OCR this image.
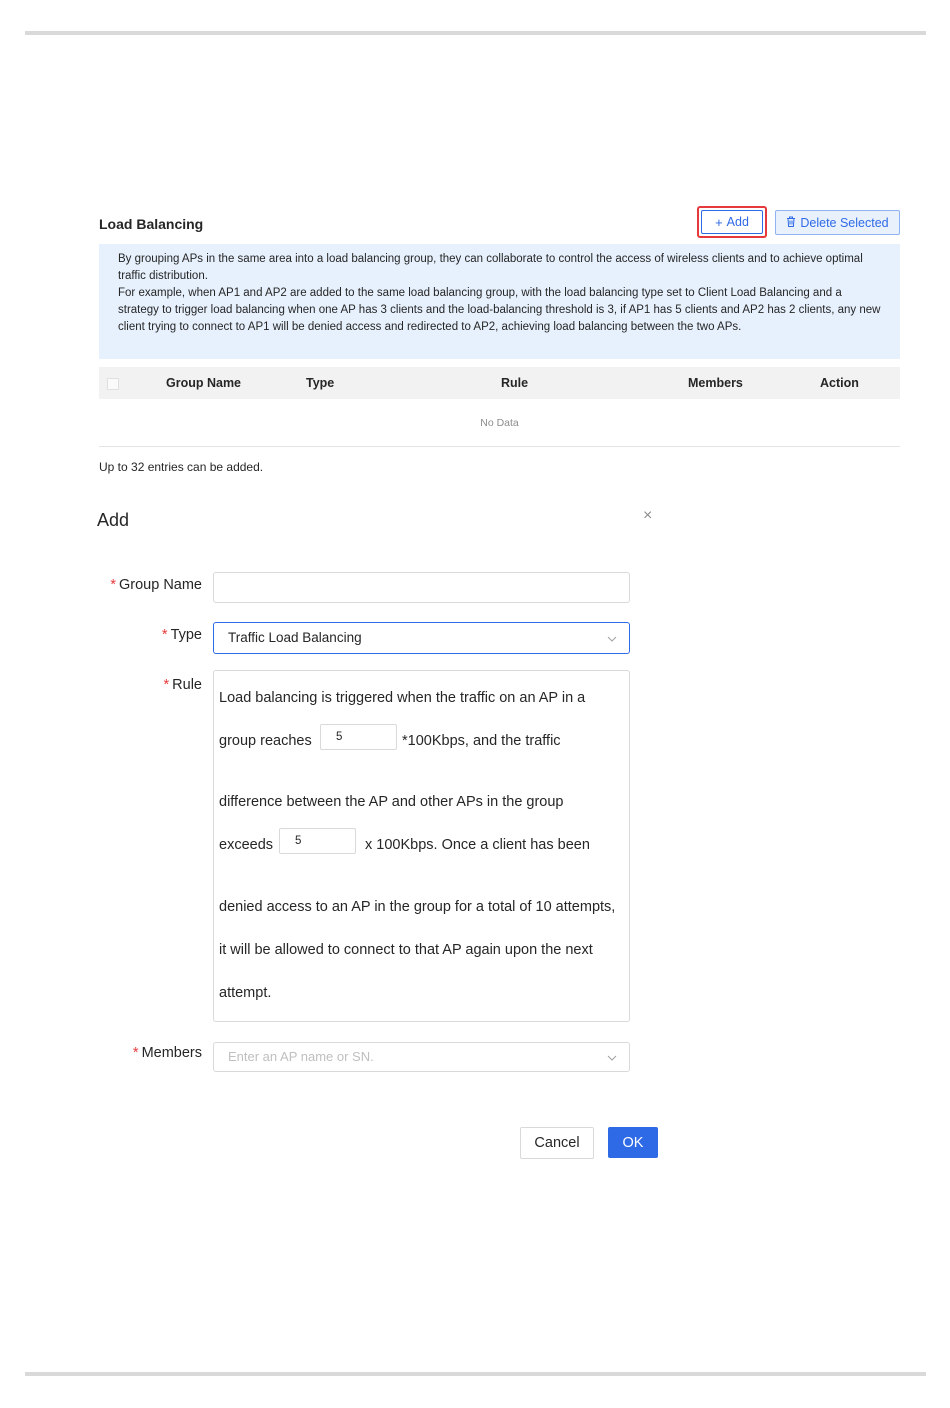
Load Balancing	+ Add	Delete Selected

By grouping APs in the same area into a load balancing group, they can collaborate to control the access of wireless clients and to achieve optimal traffic distribution.

For example, when AP1 and AP2 are added to the same load balancing group, with the load balancing type set to Client Load Balancing and a strategy to trigger load balancing when one AP has 3 clients and the load-balancing threshold is 3, if AP1 has 5 clients and AP2 has 2 clients, any new client trying to connect to AP1 will be denied access and redirected to AP2, achieving load balancing between the two APs.

Group Name	Type	Rule	Members	Action
No Data
Up to 32 entries can be added.
Add	×
* Group Name
* Type	Traffic Load Balancing
* Rule
Load balancing is triggered when the traffic on an AP in a
group reaches	5	*100Kbps, and the traffic
difference between the AP and other APs in the group
exceeds	5	x 100Kbps. Once a client has been
denied access to an AP in the group for a total of 10 attempts,
it will be allowed to connect to that AP again upon the next
attempt.
* Members	Enter an AP name or SN.
Cancel	OK
